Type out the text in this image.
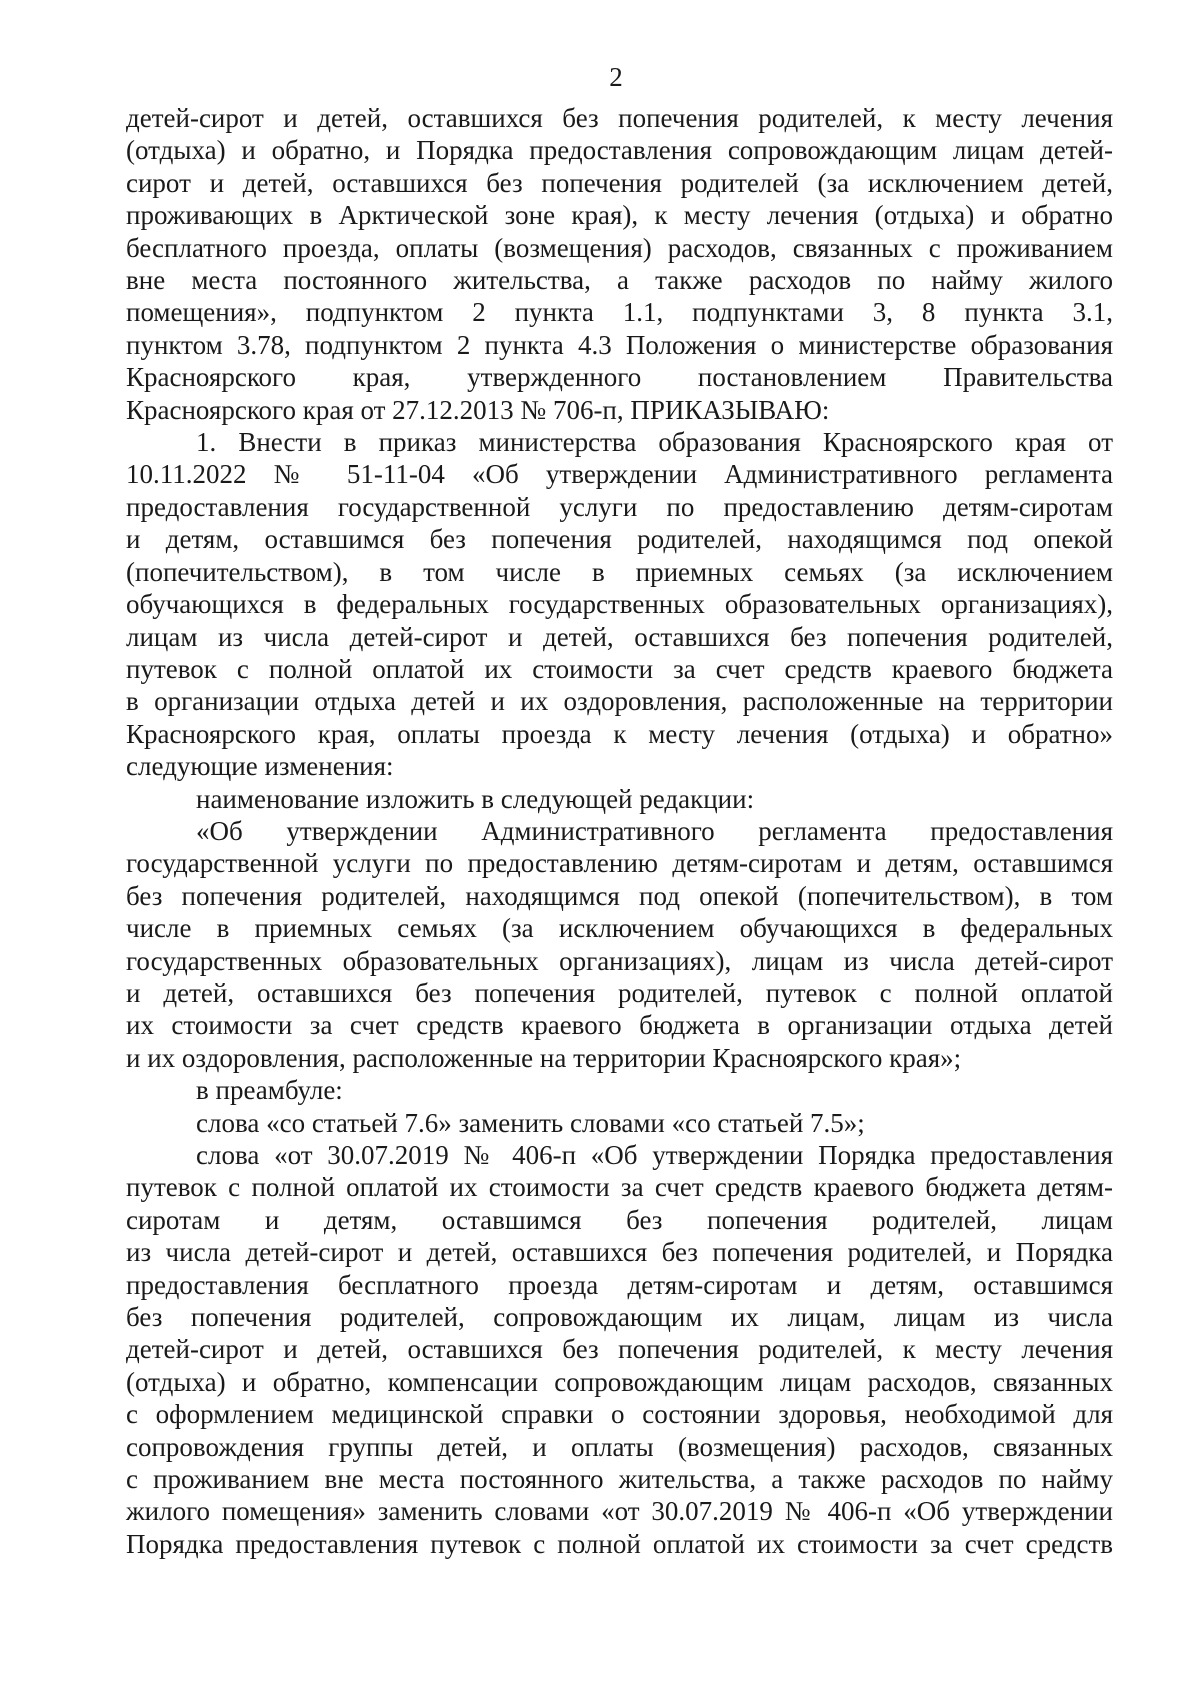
2

детей-сирот и детей, оставшихся без попечения родителей, к месту лечения

(отдыха) и обратно, и Порядка предоставления сопровождающим лицам детей-

сирот и детей, оставшихся без попечения родителей (за исключением детей,

проживающих в Арктической зоне края), к месту лечения (отдыха) и обратно

бесплатного проезда, оплаты (возмещения) расходов, связанных с проживанием

вне места постоянного жительства, а также расходов по найму жилого

помещения», подпунктом 2 пункта 1.1, подпунктами 3, 8 пункта 3.1,

пунктом 3.78, подпунктом 2 пункта 4.3 Положения о министерстве образования

Красноярского края, утвержденного постановлением Правительства

Красноярского края от 27.12.2013 № 706-п, ПРИКАЗЫВАЮ:

1. Внести в приказ министерства образования Красноярского края от

10.11.2022 № 51-11-04 «Об утверждении Административного регламента

предоставления государственной услуги по предоставлению детям-сиротам

и детям, оставшимся без попечения родителей, находящимся под опекой

(попечительством), в том числе в приемных семьях (за исключением

обучающихся в федеральных государственных образовательных организациях),

лицам из числа детей-сирот и детей, оставшихся без попечения родителей,

путевок с полной оплатой их стоимости за счет средств краевого бюджета

в организации отдыха детей и их оздоровления, расположенные на территории

Красноярского края, оплаты проезда к месту лечения (отдыха) и обратно»

следующие изменения:

наименование изложить в следующей редакции:

«Об утверждении Административного регламента предоставления

государственной услуги по предоставлению детям-сиротам и детям, оставшимся

без попечения родителей, находящимся под опекой (попечительством), в том

числе в приемных семьях (за исключением обучающихся в федеральных

государственных образовательных организациях), лицам из числа детей-сирот

и детей, оставшихся без попечения родителей, путевок с полной оплатой

их стоимости за счет средств краевого бюджета в организации отдыха детей

и их оздоровления, расположенные на территории Красноярского края»;

в преамбуле:

слова «со статьей 7.6» заменить словами «со статьей 7.5»;

слова «от 30.07.2019 № 406-п «Об утверждении Порядка предоставления

путевок с полной оплатой их стоимости за счет средств краевого бюджета детям-

сиротам и детям, оставшимся без попечения родителей, лицам

из числа детей-сирот и детей, оставшихся без попечения родителей, и Порядка

предоставления бесплатного проезда детям-сиротам и детям, оставшимся

без попечения родителей, сопровождающим их лицам, лицам из числа

детей-сирот и детей, оставшихся без попечения родителей, к месту лечения

(отдыха) и обратно, компенсации сопровождающим лицам расходов, связанных

с оформлением медицинской справки о состоянии здоровья, необходимой для

сопровождения группы детей, и оплаты (возмещения) расходов, связанных

с проживанием вне места постоянного жительства, а также расходов по найму

жилого помещения» заменить словами «от 30.07.2019 № 406-п «Об утверждении

Порядка предоставления путевок с полной оплатой их стоимости за счет средств
